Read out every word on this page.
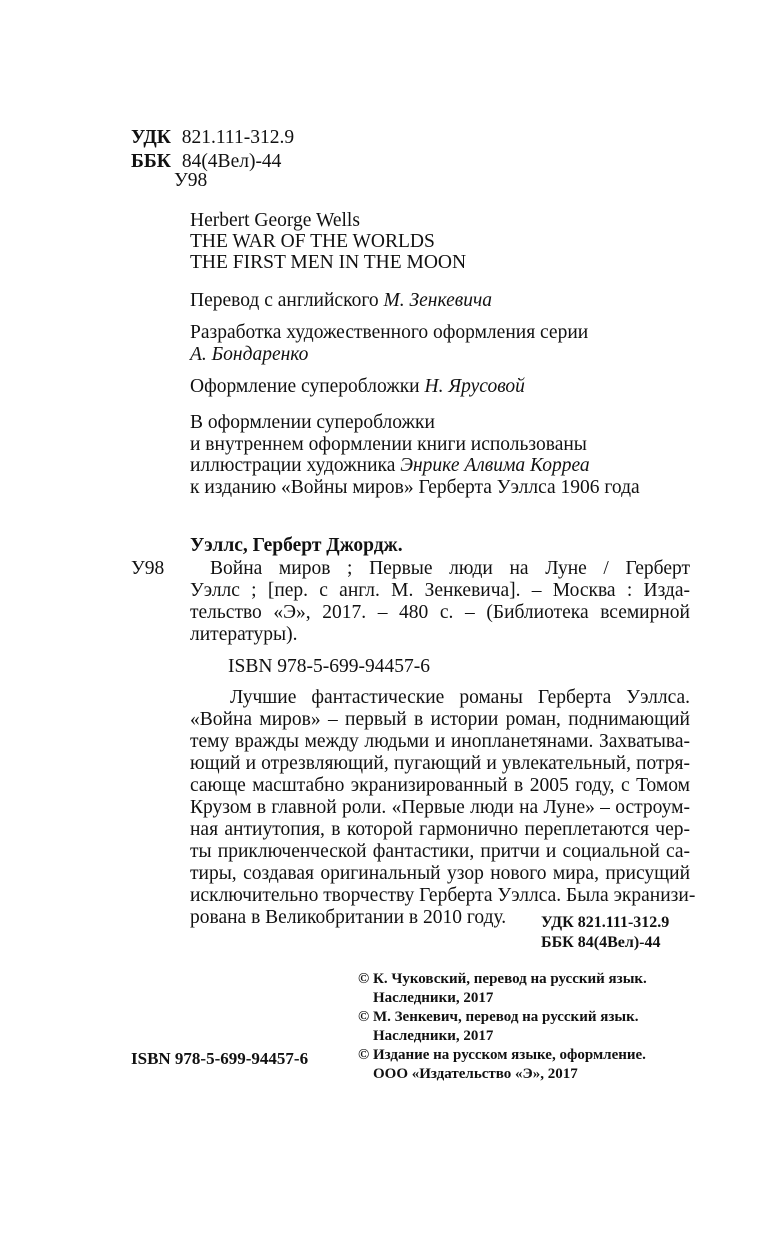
УДК 821.111-312.9
ББК 84(4Вел)-44
У98
Herbert George Wells
THE WAR OF THE WORLDS
THE FIRST MEN IN THE MOON
Перевод с английского М. Зенкевича
Разработка художественного оформления серии
А. Бондаренко
Оформление суперобложки Н. Ярусовой
В оформлении суперобложки
и внутреннем оформлении книги использованы
иллюстрации художника Энрике Алвима Корреа
к изданию «Войны миров» Герберта Уэллса 1906 года
Уэллс, Герберт Джордж.
У98 Война миров ; Первые люди на Луне / Герберт
Уэллс ; [пер. с англ. М. Зенкевича]. – Москва : Изда-
тельство «Э», 2017. – 480 с. – (Библиотека всемирной
литературы).
ISBN 978-5-699-94457-6
Лучшие фантастические романы Герберта Уэллса.
«Война миров» – первый в истории роман, поднимающий
тему вражды между людьми и инопланетянами. Захватыва-
ющий и отрезвляющий, пугающий и увлекательный, потря-
сающе масштабно экранизированный в 2005 году, с Томом
Крузом в главной роли. «Первые люди на Луне» – остроум-
ная антиутопия, в которой гармонично переплетаются чер-
ты приключенческой фантастики, притчи и социальной са-
тиры, создавая оригинальный узор нового мира, присущий
исключительно творчеству Герберта Уэллса. Была экранизи-
рована в Великобритании в 2010 году. УДК 821.111-312.9
ББК 84(4Вел)-44
© К. Чуковский, перевод на русский язык.
Наследники, 2017
© М. Зенкевич, перевод на русский язык.
Наследники, 2017
© Издание на русском языке, оформление.
ООО «Издательство «Э», 2017
ISBN 978-5-699-94457-6
